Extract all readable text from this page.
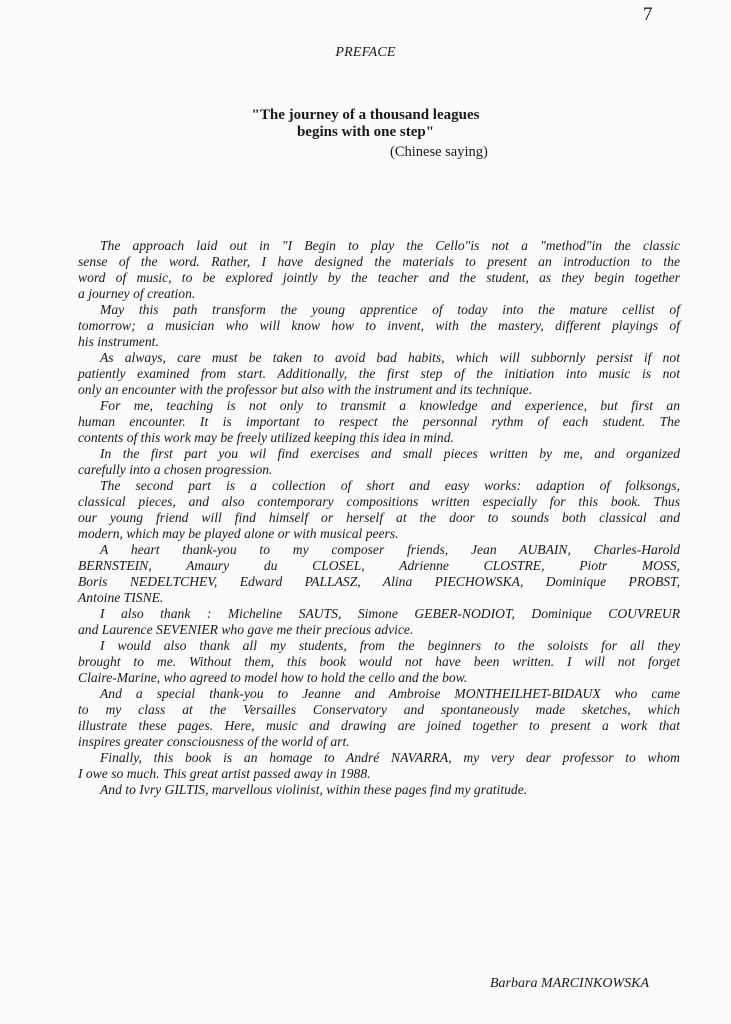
7
PREFACE
"The journey of a thousand leagues
begins with one step"
(Chinese saying)
The approach laid out in "I Begin to play the Cello"is not a "method"in the classic
sense of the word. Rather, I have designed the materials to present an introduction to the
word of music, to be explored jointly by the teacher and the student, as they begin together
a journey of creation.
May this path transform the young apprentice of today into the mature cellist of
tomorrow; a musician who will know how to invent, with the mastery, different playings of
his instrument.
As always, care must be taken to avoid bad habits, which will subbornly persist if not
patiently examined from start. Additionally, the first step of the initiation into music is not
only an encounter with the professor but also with the instrument and its technique.
For me, teaching is not only to transmit a knowledge and experience, but first an
human encounter. It is important to respect the personnal rythm of each student. The
contents of this work may be freely utilized keeping this idea in mind.
In the first part you wil find exercises and small pieces written by me, and organized
carefully into a chosen progression.
The second part is a collection of short and easy works: adaption of folksongs,
classical pieces, and also contemporary compositions written especially for this book. Thus
our young friend will find himself or herself at the door to sounds both classical and
modern, which may be played alone or with musical peers.
A heart thank-you to my composer friends, Jean AUBAIN, Charles-Harold
BERNSTEIN, Amaury du CLOSEL, Adrienne CLOSTRE, Piotr MOSS,
Boris NEDELTCHEV, Edward PALLASZ, Alina PIECHOWSKA, Dominique PROBST,
Antoine TISNE.
I also thank : Micheline SAUTS, Simone GEBER-NODIOT, Dominique COUVREUR
and Laurence SEVENIER who gave me their precious advice.
I would also thank all my students, from the beginners to the soloists for all they
brought to me. Without them, this book would not have been written. I will not forget
Claire-Marine, who agreed to model how to hold the cello and the bow.
And a special thank-you to Jeanne and Ambroise MONTHEILHET-BIDAUX who came
to my class at the Versailles Conservatory and spontaneously made sketches, which
illustrate these pages. Here, music and drawing are joined together to present a work that
inspires greater consciousness of the world of art.
Finally, this book is an homage to André NAVARRA, my very dear professor to whom
I owe so much. This great artist passed away in 1988.
And to Ivry GILTIS, marvellous violinist, within these pages find my gratitude.
Barbara MARCINKOWSKA
